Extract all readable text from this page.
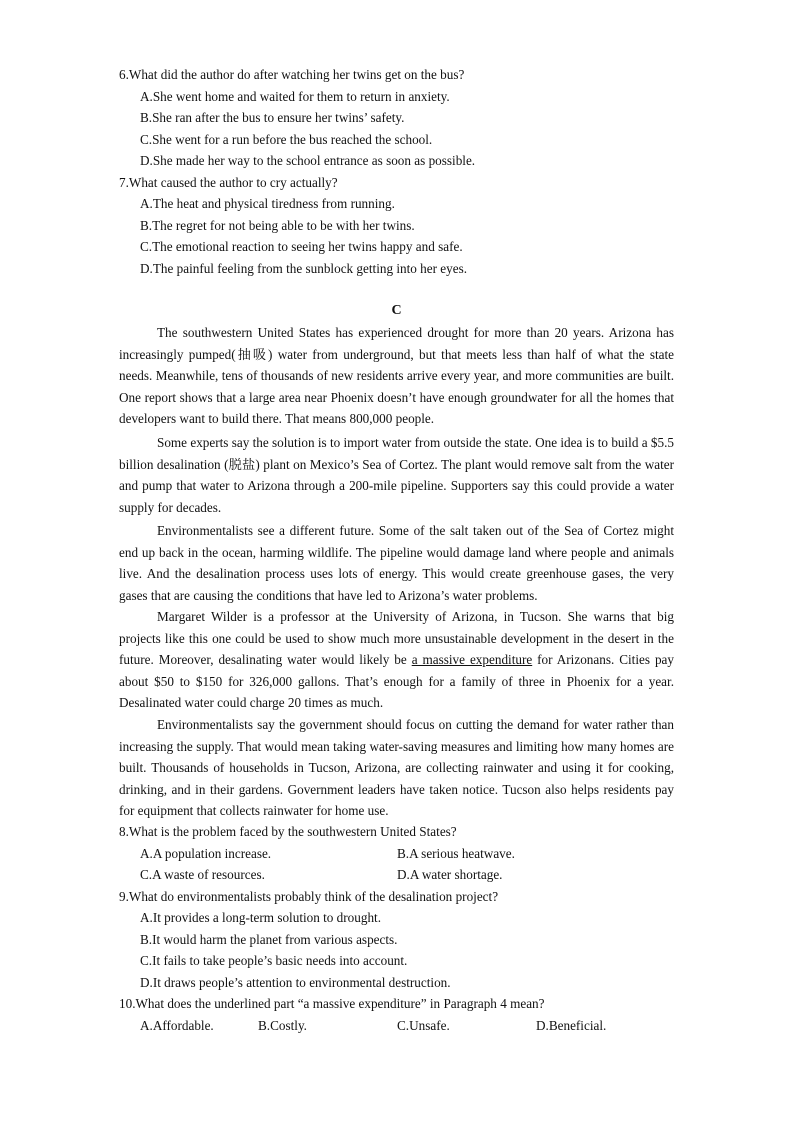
6.What did the author do after watching her twins get on the bus?
A.She went home and waited for them to return in anxiety.
B.She ran after the bus to ensure her twins’ safety.
C.She went for a run before the bus reached the school.
D.She made her way to the school entrance as soon as possible.
7.What caused the author to cry actually?
A.The heat and physical tiredness from running.
B.The regret for not being able to be with her twins.
C.The emotional reaction to seeing her twins happy and safe.
D.The painful feeling from the sunblock getting into her eyes.
C
The southwestern United States has experienced drought for more than 20 years. Arizona has increasingly pumped(抽吸) water from underground, but that meets less than half of what the state needs. Meanwhile, tens of thousands of new residents arrive every year, and more communities are built. One report shows that a large area near Phoenix doesn’t have enough groundwater for all the homes that developers want to build there. That means 800,000 people.
Some experts say the solution is to import water from outside the state. One idea is to build a $5.5 billion desalination (脱盐) plant on Mexico’s Sea of Cortez. The plant would remove salt from the water and pump that water to Arizona through a 200-mile pipeline. Supporters say this could provide a water supply for decades.
Environmentalists see a different future. Some of the salt taken out of the Sea of Cortez might end up back in the ocean, harming wildlife. The pipeline would damage land where people and animals live. And the desalination process uses lots of energy. This would create greenhouse gases, the very gases that are causing the conditions that have led to Arizona’s water problems.
Margaret Wilder is a professor at the University of Arizona, in Tucson. She warns that big projects like this one could be used to show much more unsustainable development in the desert in the future. Moreover, desalinating water would likely be a massive expenditure for Arizonans. Cities pay about $50 to $150 for 326,000 gallons. That’s enough for a family of three in Phoenix for a year. Desalinated water could charge 20 times as much.
Environmentalists say the government should focus on cutting the demand for water rather than increasing the supply. That would mean taking water-saving measures and limiting how many homes are built. Thousands of households in Tucson, Arizona, are collecting rainwater and using it for cooking, drinking, and in their gardens. Government leaders have taken notice. Tucson also helps residents pay for equipment that collects rainwater for home use.
8.What is the problem faced by the southwestern United States?
A.A population increase.	B.A serious heatwave.
C.A waste of resources.	D.A water shortage.
9.What do environmentalists probably think of the desalination project?
A.It provides a long-term solution to drought.
B.It would harm the planet from various aspects.
C.It fails to take people’s basic needs into account.
D.It draws people’s attention to environmental destruction.
10.What does the underlined part “a massive expenditure” in Paragraph 4 mean?
A.Affordable.	B.Costly.	C.Unsafe.	D.Beneficial.
